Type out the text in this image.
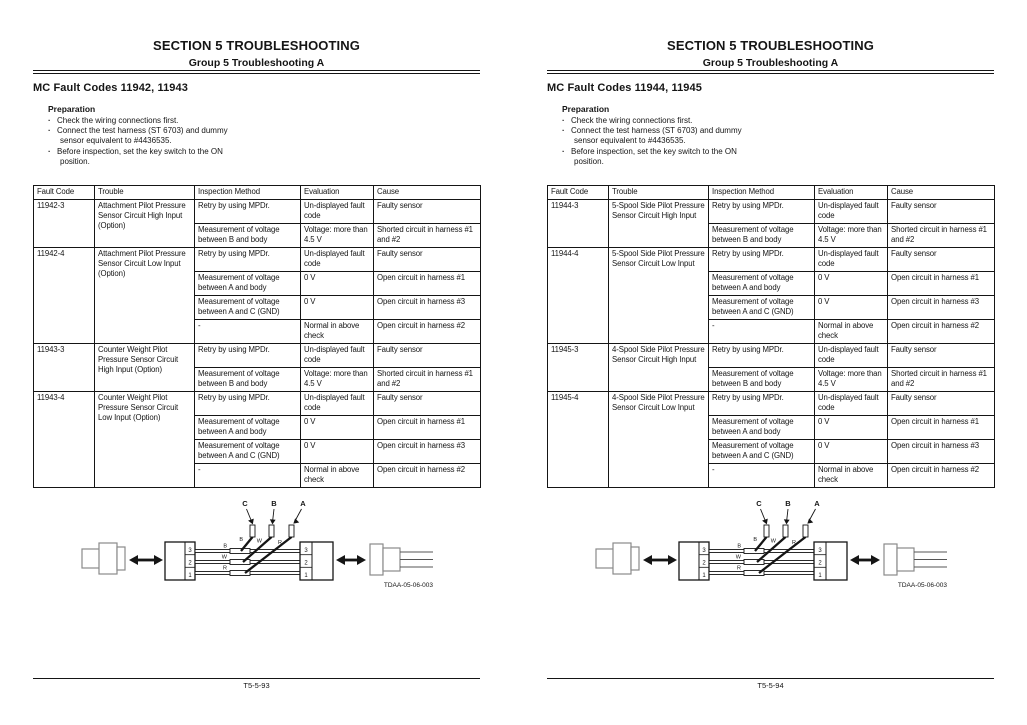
SECTION 5 TROUBLESHOOTING
Group 5 Troubleshooting A
MC Fault Codes 11942, 11943
Preparation
· Check the wiring connections first.
· Connect the test harness (ST 6703) and dummy
sensor equivalent to #4436535.
· Before inspection, set the key switch to the ON
position.
Fault Code	Trouble	Inspection Method	Evaluation	Cause
11942-3	Attachment Pilot Pressure Sensor Circuit High Input (Option)	Retry by using MPDr.	Un-displayed fault code	Faulty sensor
		Measurement of voltage between B and body	Voltage: more than 4.5 V	Shorted circuit in harness #1 and #2
11942-4	Attachment Pilot Pressure Sensor Circuit Low Input (Option)	Retry by using MPDr.	Un-displayed fault code	Faulty sensor
		Measurement of voltage between A and body	0 V	Open circuit in harness #1
		Measurement of voltage between A and C (GND)	0 V	Open circuit in harness #3
		-	Normal in above check	Open circuit in harness #2
11943-3	Counter Weight Pilot Pressure Sensor Circuit High Input (Option)	Retry by using MPDr.	Un-displayed fault code	Faulty sensor
		Measurement of voltage between B and body	Voltage: more than 4.5 V	Shorted circuit in harness #1 and #2
11943-4	Counter Weight Pilot Pressure Sensor Circuit Low Input (Option)	Retry by using MPDr.	Un-displayed fault code	Faulty sensor
		Measurement of voltage between A and body	0 V	Open circuit in harness #1
		Measurement of voltage between A and C (GND)	0 V	Open circuit in harness #3
		-	Normal in above check	Open circuit in harness #2
3
2
1
B
W
R
C	B	A
B	W	R
3
2
1
TDAA-05-06-003
T5-5-93
SECTION 5 TROUBLESHOOTING
Group 5 Troubleshooting A
MC Fault Codes 11944, 11945
Preparation
· Check the wiring connections first.
· Connect the test harness (ST 6703) and dummy
sensor equivalent to #4436535.
· Before inspection, set the key switch to the ON
position.
Fault Code	Trouble	Inspection Method	Evaluation	Cause
11944-3	5-Spool Side Pilot Pressure Sensor Circuit High Input	Retry by using MPDr.	Un-displayed fault code	Faulty sensor
		Measurement of voltage between B and body	Voltage: more than 4.5 V	Shorted circuit in harness #1 and #2
11944-4	5-Spool Side Pilot Pressure Sensor Circuit Low Input	Retry by using MPDr.	Un-displayed fault code	Faulty sensor
		Measurement of voltage between A and body	0 V	Open circuit in harness #1
		Measurement of voltage between A and C (GND)	0 V	Open circuit in harness #3
		-	Normal in above check	Open circuit in harness #2
11945-3	4-Spool Side Pilot Pressure Sensor Circuit High Input	Retry by using MPDr.	Un-displayed fault code	Faulty sensor
		Measurement of voltage between B and body	Voltage: more than 4.5 V	Shorted circuit in harness #1 and #2
11945-4	4-Spool Side Pilot Pressure Sensor Circuit Low Input	Retry by using MPDr.	Un-displayed fault code	Faulty sensor
		Measurement of voltage between A and body	0 V	Open circuit in harness #1
		Measurement of voltage between A and C (GND)	0 V	Open circuit in harness #3
		-	Normal in above check	Open circuit in harness #2
3
2
1
B
W
R
C	B	A
B	W	R
3
2
1
TDAA-05-06-003
T5-5-94
